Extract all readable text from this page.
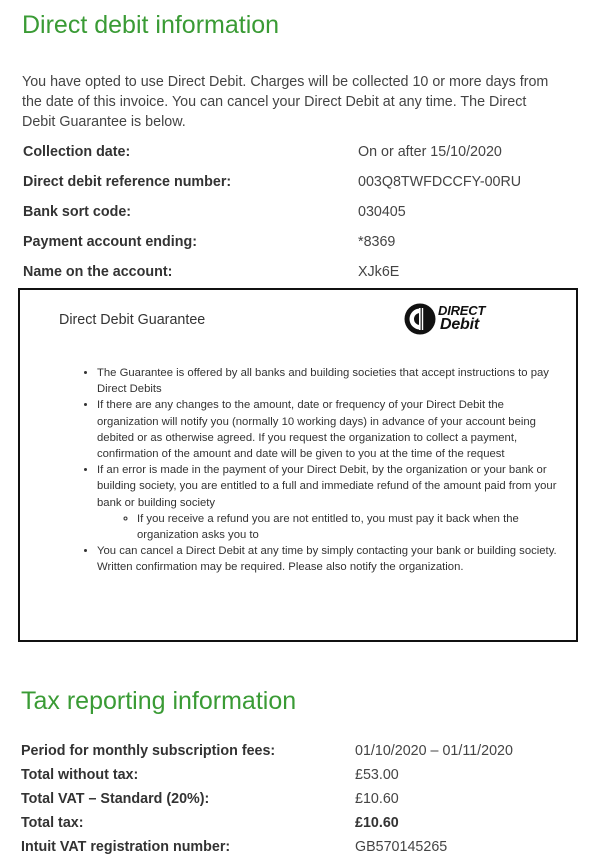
Direct debit information

You have opted to use Direct Debit. Charges will be collected 10 or more days from the date of this invoice. You can cancel your Direct Debit at any time. The Direct Debit Guarantee is below.

Collection date:	On or after 15/10/2020
Direct debit reference number:	003Q8TWFDCCFY-00RU
Bank sort code:	030405
Payment account ending:	*8369
Name on the account:	XJk6E
Direct Debit Guarantee
DIRECT
Debit
• The Guarantee is offered by all banks and building societies that accept instructions to pay Direct Debits
• If there are any changes to the amount, date or frequency of your Direct Debit the organization will notify you (normally 10 working days) in advance of your account being debited or as otherwise agreed. If you request the organization to collect a payment, confirmation of the amount and date will be given to you at the time of the request
• If an error is made in the payment of your Direct Debit, by the organization or your bank or building society, you are entitled to a full and immediate refund of the amount paid from your bank or building society
◦ If you receive a refund you are not entitled to, you must pay it back when the organization asks you to
• You can cancel a Direct Debit at any time by simply contacting your bank or building society. Written confirmation may be required. Please also notify the organization.
Tax reporting information
Period for monthly subscription fees:	01/10/2020 – 01/11/2020
Total without tax:	£53.00
Total VAT – Standard (20%):	£10.60
Total tax:	£10.60
Intuit VAT registration number:	GB570145265
